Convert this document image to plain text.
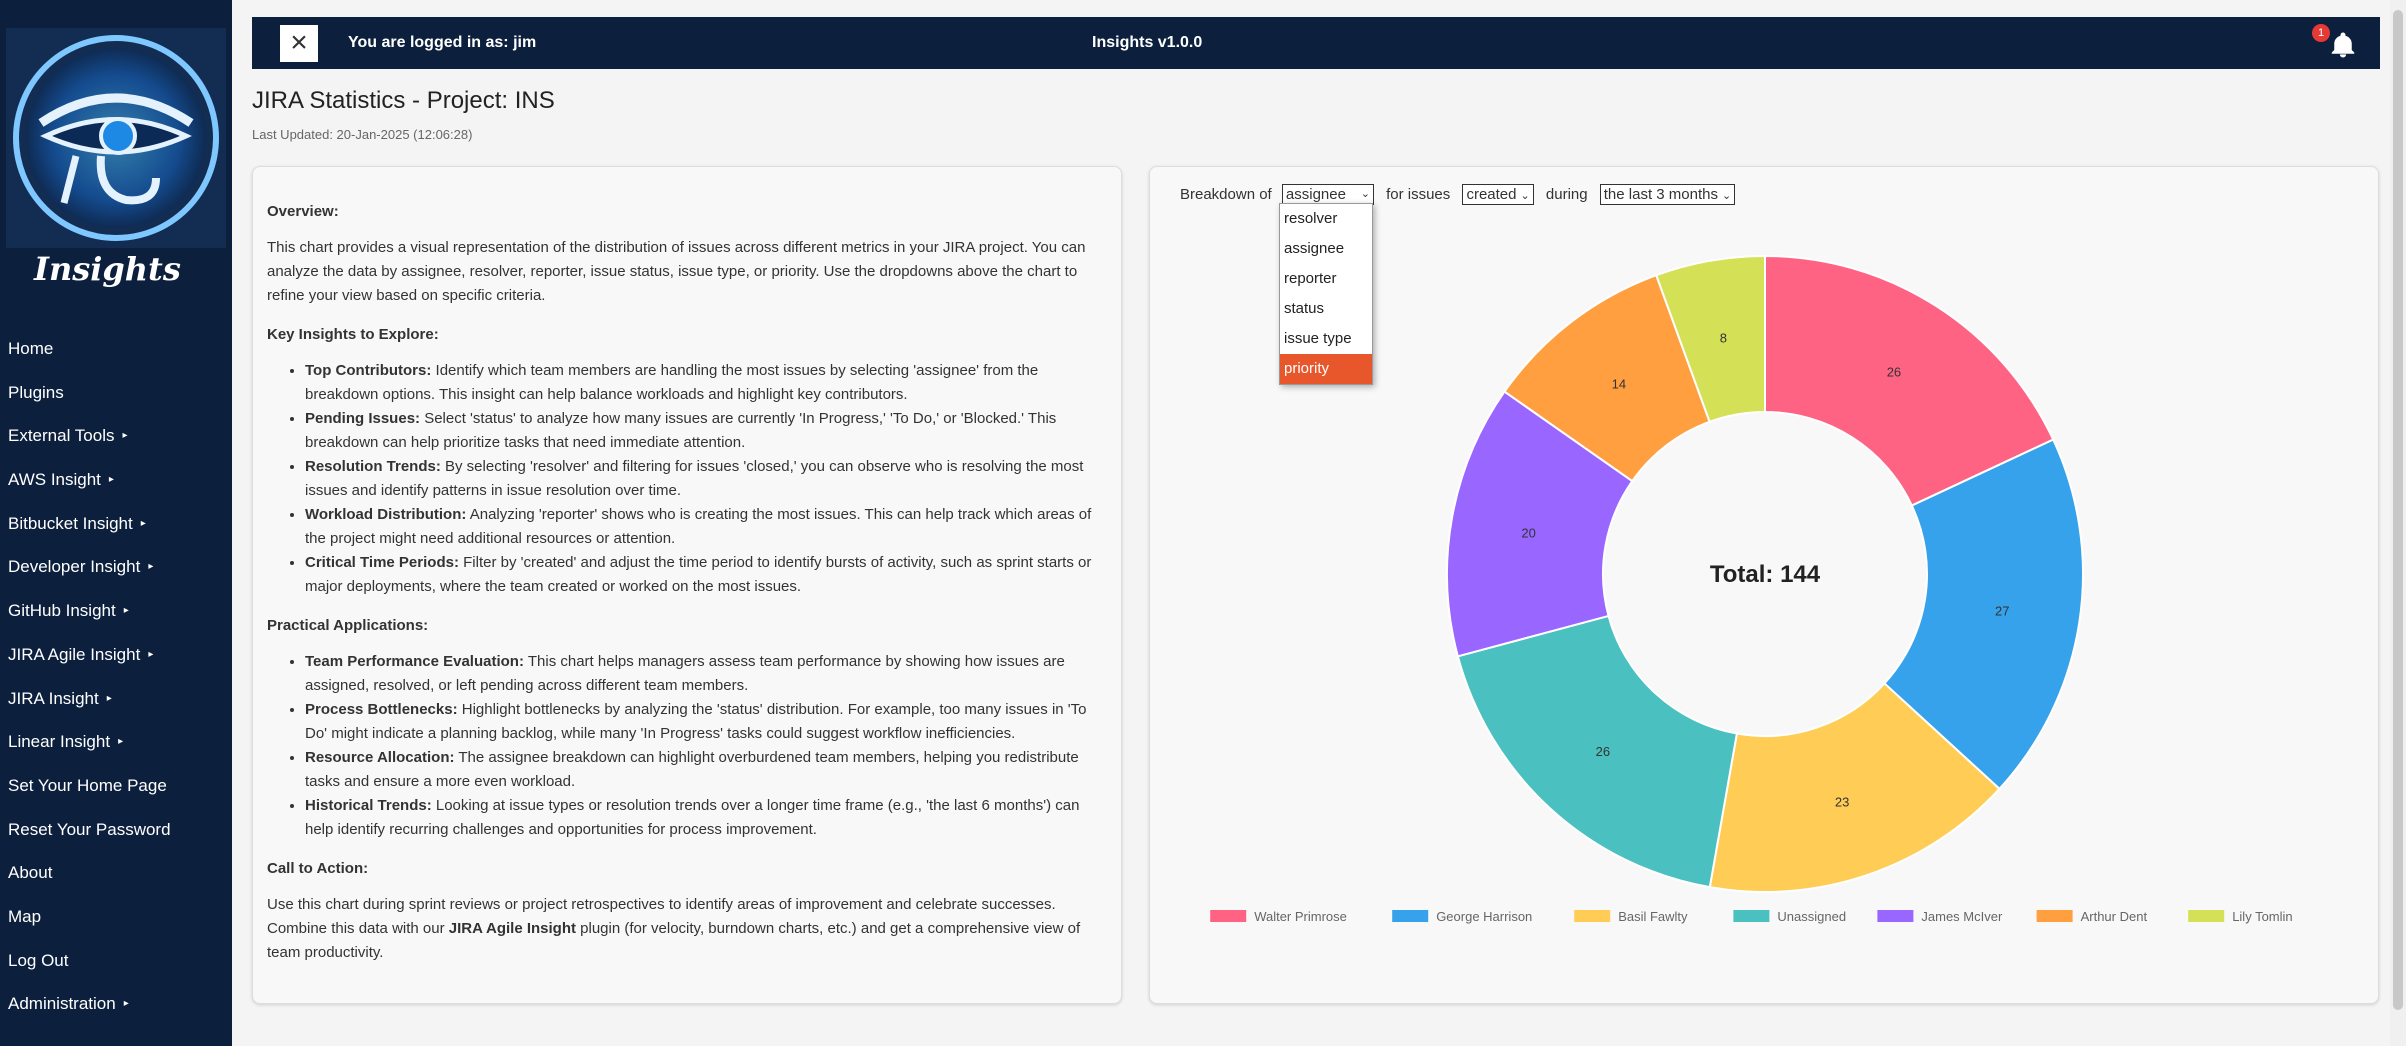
Insights
Home
Plugins
External Tools ▸
AWS Insight ▸
Bitbucket Insight ▸
Developer Insight ▸
GitHub Insight ▸
JIRA Agile Insight ▸
JIRA Insight ▸
Linear Insight ▸
Set Your Home Page
Reset Your Password
About
Map
Log Out
Administration ▸
×	You are logged in as: jim	Insights v1.0.0
1
JIRA Statistics - Project: INS
Last Updated: 20-Jan-2025 (12:06:28)
Overview:

This chart provides a visual representation of the distribution of issues across different metrics in your JIRA project. You can analyze the data by assignee, resolver, reporter, issue status, issue type, or priority. Use the dropdowns above the chart to refine your view based on specific criteria.

Key Insights to Explore:
• Top Contributors: Identify which team members are handling the most issues by selecting 'assignee' from the breakdown options. This insight can help balance workloads and highlight key contributors.
• Pending Issues: Select 'status' to analyze how many issues are currently 'In Progress,' 'To Do,' or 'Blocked.' This breakdown can help prioritize tasks that need immediate attention.
• Resolution Trends: By selecting 'resolver' and filtering for issues 'closed,' you can observe who is resolving the most issues and identify patterns in issue resolution over time.
• Workload Distribution: Analyzing 'reporter' shows who is creating the most issues. This can help track which areas of the project might need additional resources or attention.
• Critical Time Periods: Filter by 'created' and adjust the time period to identify bursts of activity, such as sprint starts or major deployments, where the team created or worked on the most issues.
Practical Applications:
• Team Performance Evaluation: This chart helps managers assess team performance by showing how issues are assigned, resolved, or left pending across different team members.
• Process Bottlenecks: Highlight bottlenecks by analyzing the 'status' distribution. For example, too many issues in 'To Do' might indicate a planning backlog, while many 'In Progress' tasks could suggest workflow inefficiencies.
• Resource Allocation: The assignee breakdown can highlight overburdened team members, helping you redistribute tasks and ensure a more even workload.
• Historical Trends: Looking at issue types or resolution trends over a longer time frame (e.g., 'the last 6 months') can help identify recurring challenges and opportunities for process improvement.
Call to Action:

Use this chart during sprint reviews or project retrospectives to identify areas of improvement and celebrate successes. Combine this data with our JIRA Agile Insight plugin (for velocity, burndown charts, etc.) and get a comprehensive view of team productivity.

Breakdown of assignee ⌄ for issues created ⌄ during the last 3 months ⌄
26
27
23
26
20
14
8
Total: 144
Walter Primrose	George Harrison	Basil Fawlty	Unassigned	James McIver	Arthur Dent	Lily Tomlin
resolver
assignee
reporter
status
issue type
priority
